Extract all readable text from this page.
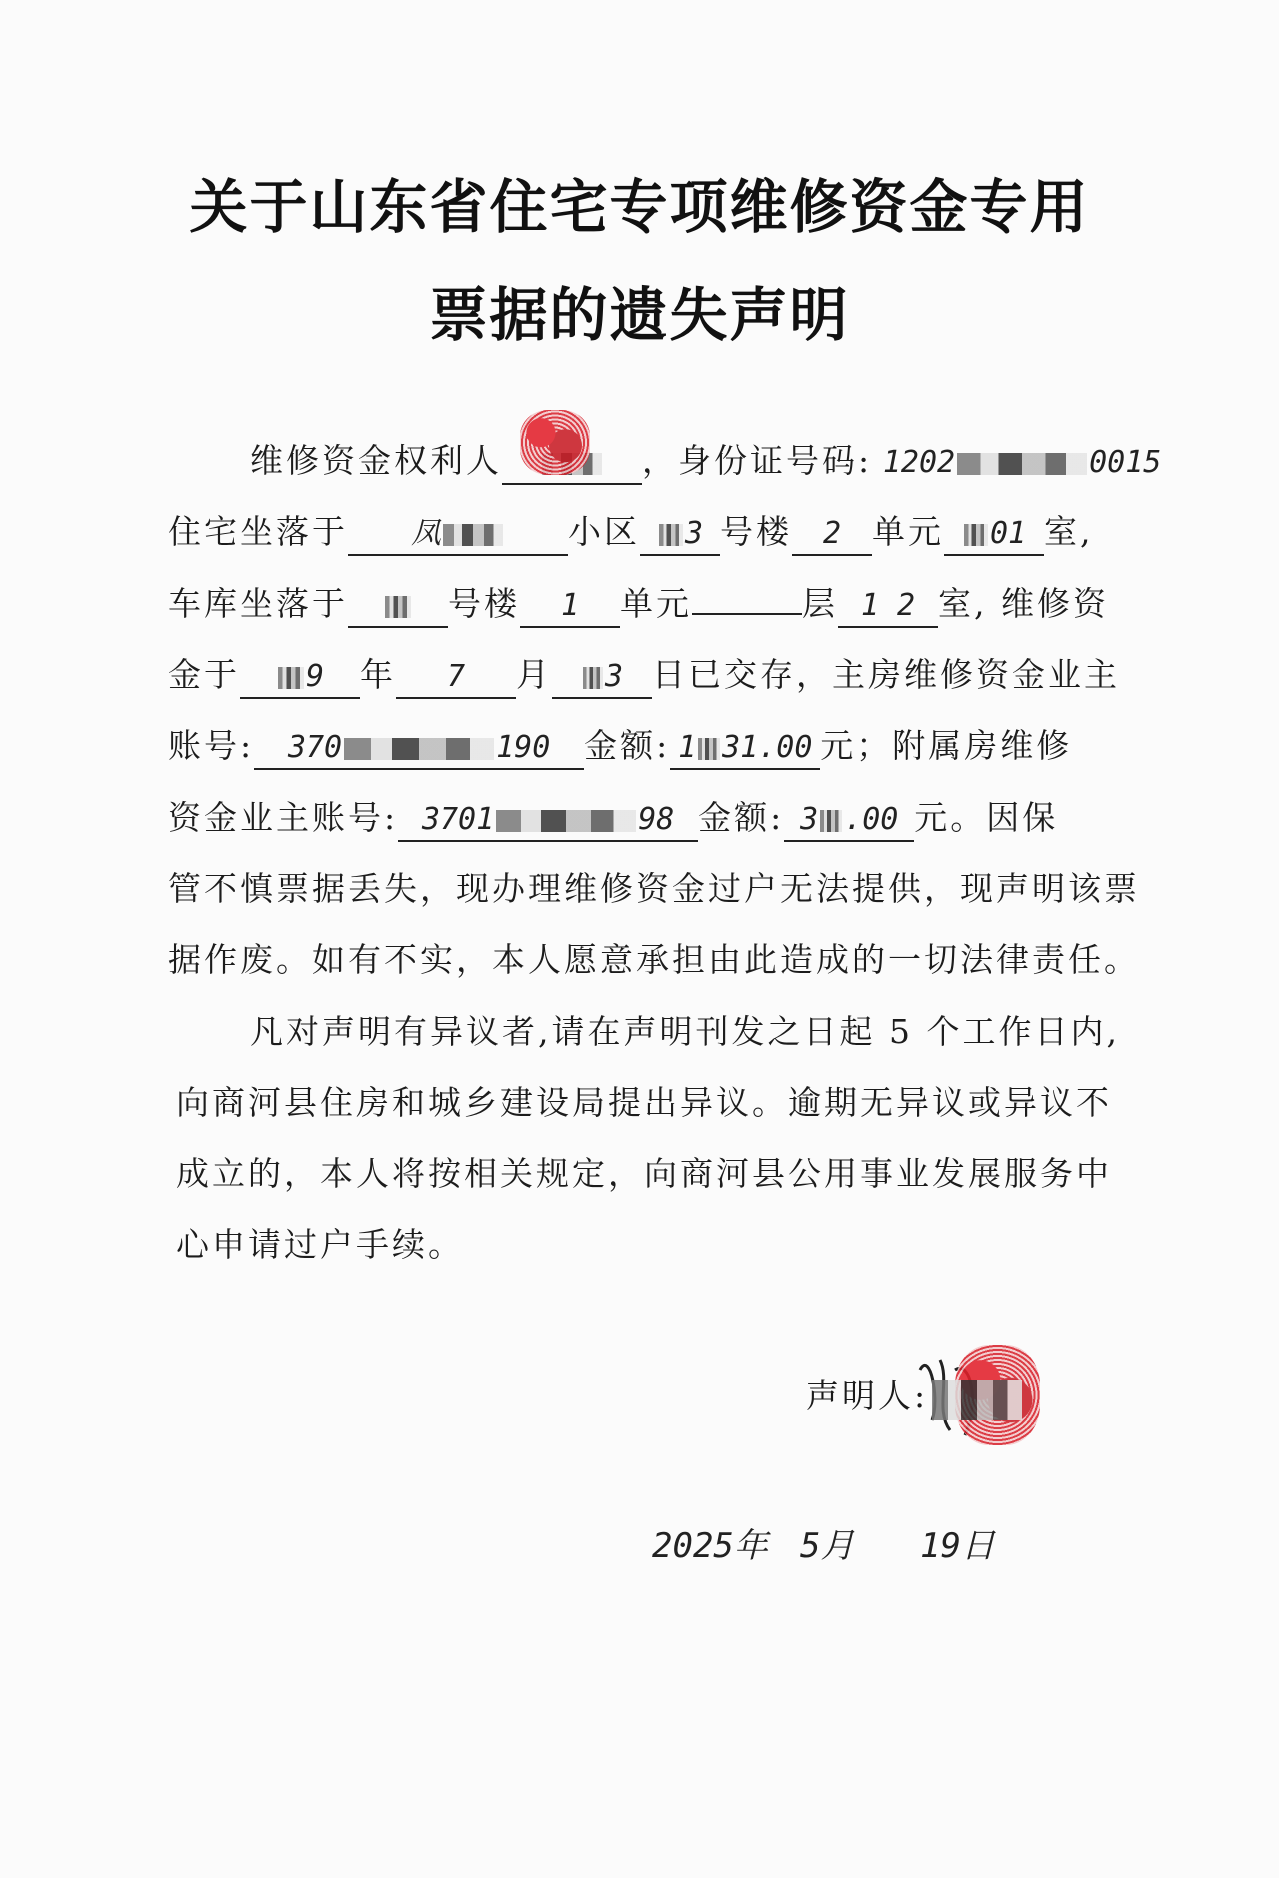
关于山东省住宅专项维修资金专用
票据的遗失声明
维修资金权利人	，身份证号码: 1202	0015
住宅坐落于 凤	小区 3 号楼 2 单元 01 室,
车库坐落于	号楼 1 单元	层 1 2 室, 维修资
金于 9 年 7 月 3 日已交存，主房维修资金业主
账号: 370	190 金额: 1 31.00 元；附属房维修
资金业主账号: 3701	98 金额: 3 .00 元。因保
管不慎票据丢失，现办理维修资金过户无法提供，现声明该票
据作废。如有不实，本人愿意承担由此造成的一切法律责任。
凡对声明有异议者,请在声明刊发之日起 5 个工作日内,
向商河县住房和城乡建设局提出异议。逾期无异议或异议不
成立的，本人将按相关规定，向商河县公用事业发展服务中
心申请过户手续。
声明人:
2025年 5月 19日
